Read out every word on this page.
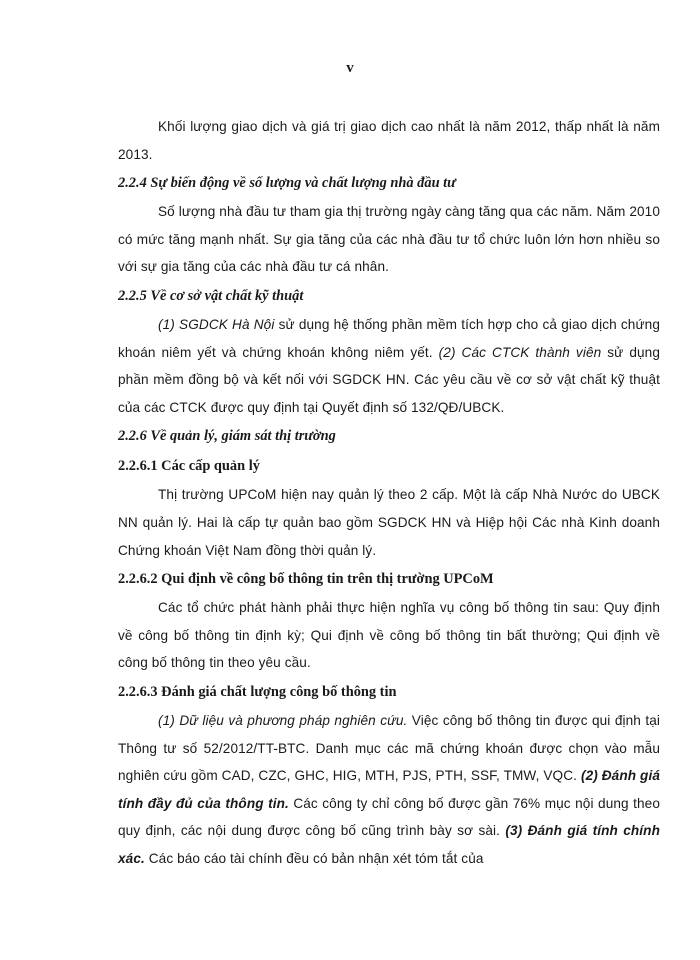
v

Khối lượng giao dịch và giá trị giao dịch cao nhất là năm 2012, thấp nhất là năm 2013.

2.2.4 Sự biến động về số lượng và chất lượng nhà đầu tư

Số lượng nhà đầu tư tham gia thị trường ngày càng tăng qua các năm. Năm 2010 có mức tăng mạnh nhất. Sự gia tăng của các nhà đầu tư tổ chức luôn lớn hơn nhiều so với sự gia tăng của các nhà đầu tư cá nhân.

2.2.5 Về cơ sở vật chất kỹ thuật

(1) SGDCK Hà Nội sử dụng hệ thống phần mềm tích hợp cho cả giao dịch chứng khoán niêm yết và chứng khoán không niêm yết. (2) Các CTCK thành viên sử dụng phần mềm đồng bộ và kết nối với SGDCK HN. Các yêu cầu về cơ sở vật chất kỹ thuật của các CTCK được quy định tại Quyết định số 132/QĐ/UBCK.

2.2.6 Về quản lý, giám sát thị trường
2.2.6.1 Các cấp quản lý

Thị trường UPCoM hiện nay quản lý theo 2 cấp. Một là cấp Nhà Nước do UBCK NN quản lý. Hai là cấp tự quản bao gồm SGDCK HN và Hiệp hội Các nhà Kinh doanh Chứng khoán Việt Nam đồng thời quản lý.

2.2.6.2 Qui định về công bố thông tin trên thị trường UPCoM

Các tổ chức phát hành phải thực hiện nghĩa vụ công bố thông tin sau: Quy định về công bố thông tin định kỳ; Qui định về công bố thông tin bất thường; Qui định về công bố thông tin theo yêu cầu.

2.2.6.3 Đánh giá chất lượng công bố thông tin

(1) Dữ liệu và phương pháp nghiên cứu. Việc công bố thông tin được qui định tại Thông tư số 52/2012/TT-BTC. Danh mục các mã chứng khoán được chọn vào mẫu nghiên cứu gồm CAD, CZC, GHC, HIG, MTH, PJS, PTH, SSF, TMW, VQC. (2) Đánh giá tính đầy đủ của thông tin. Các công ty chỉ công bố được gần 76% mục nội dung theo quy định, các nội dung được công bố cũng trình bày sơ sài. (3) Đánh giá tính chính xác. Các báo cáo tài chính đều có bản nhận xét tóm tắt của
